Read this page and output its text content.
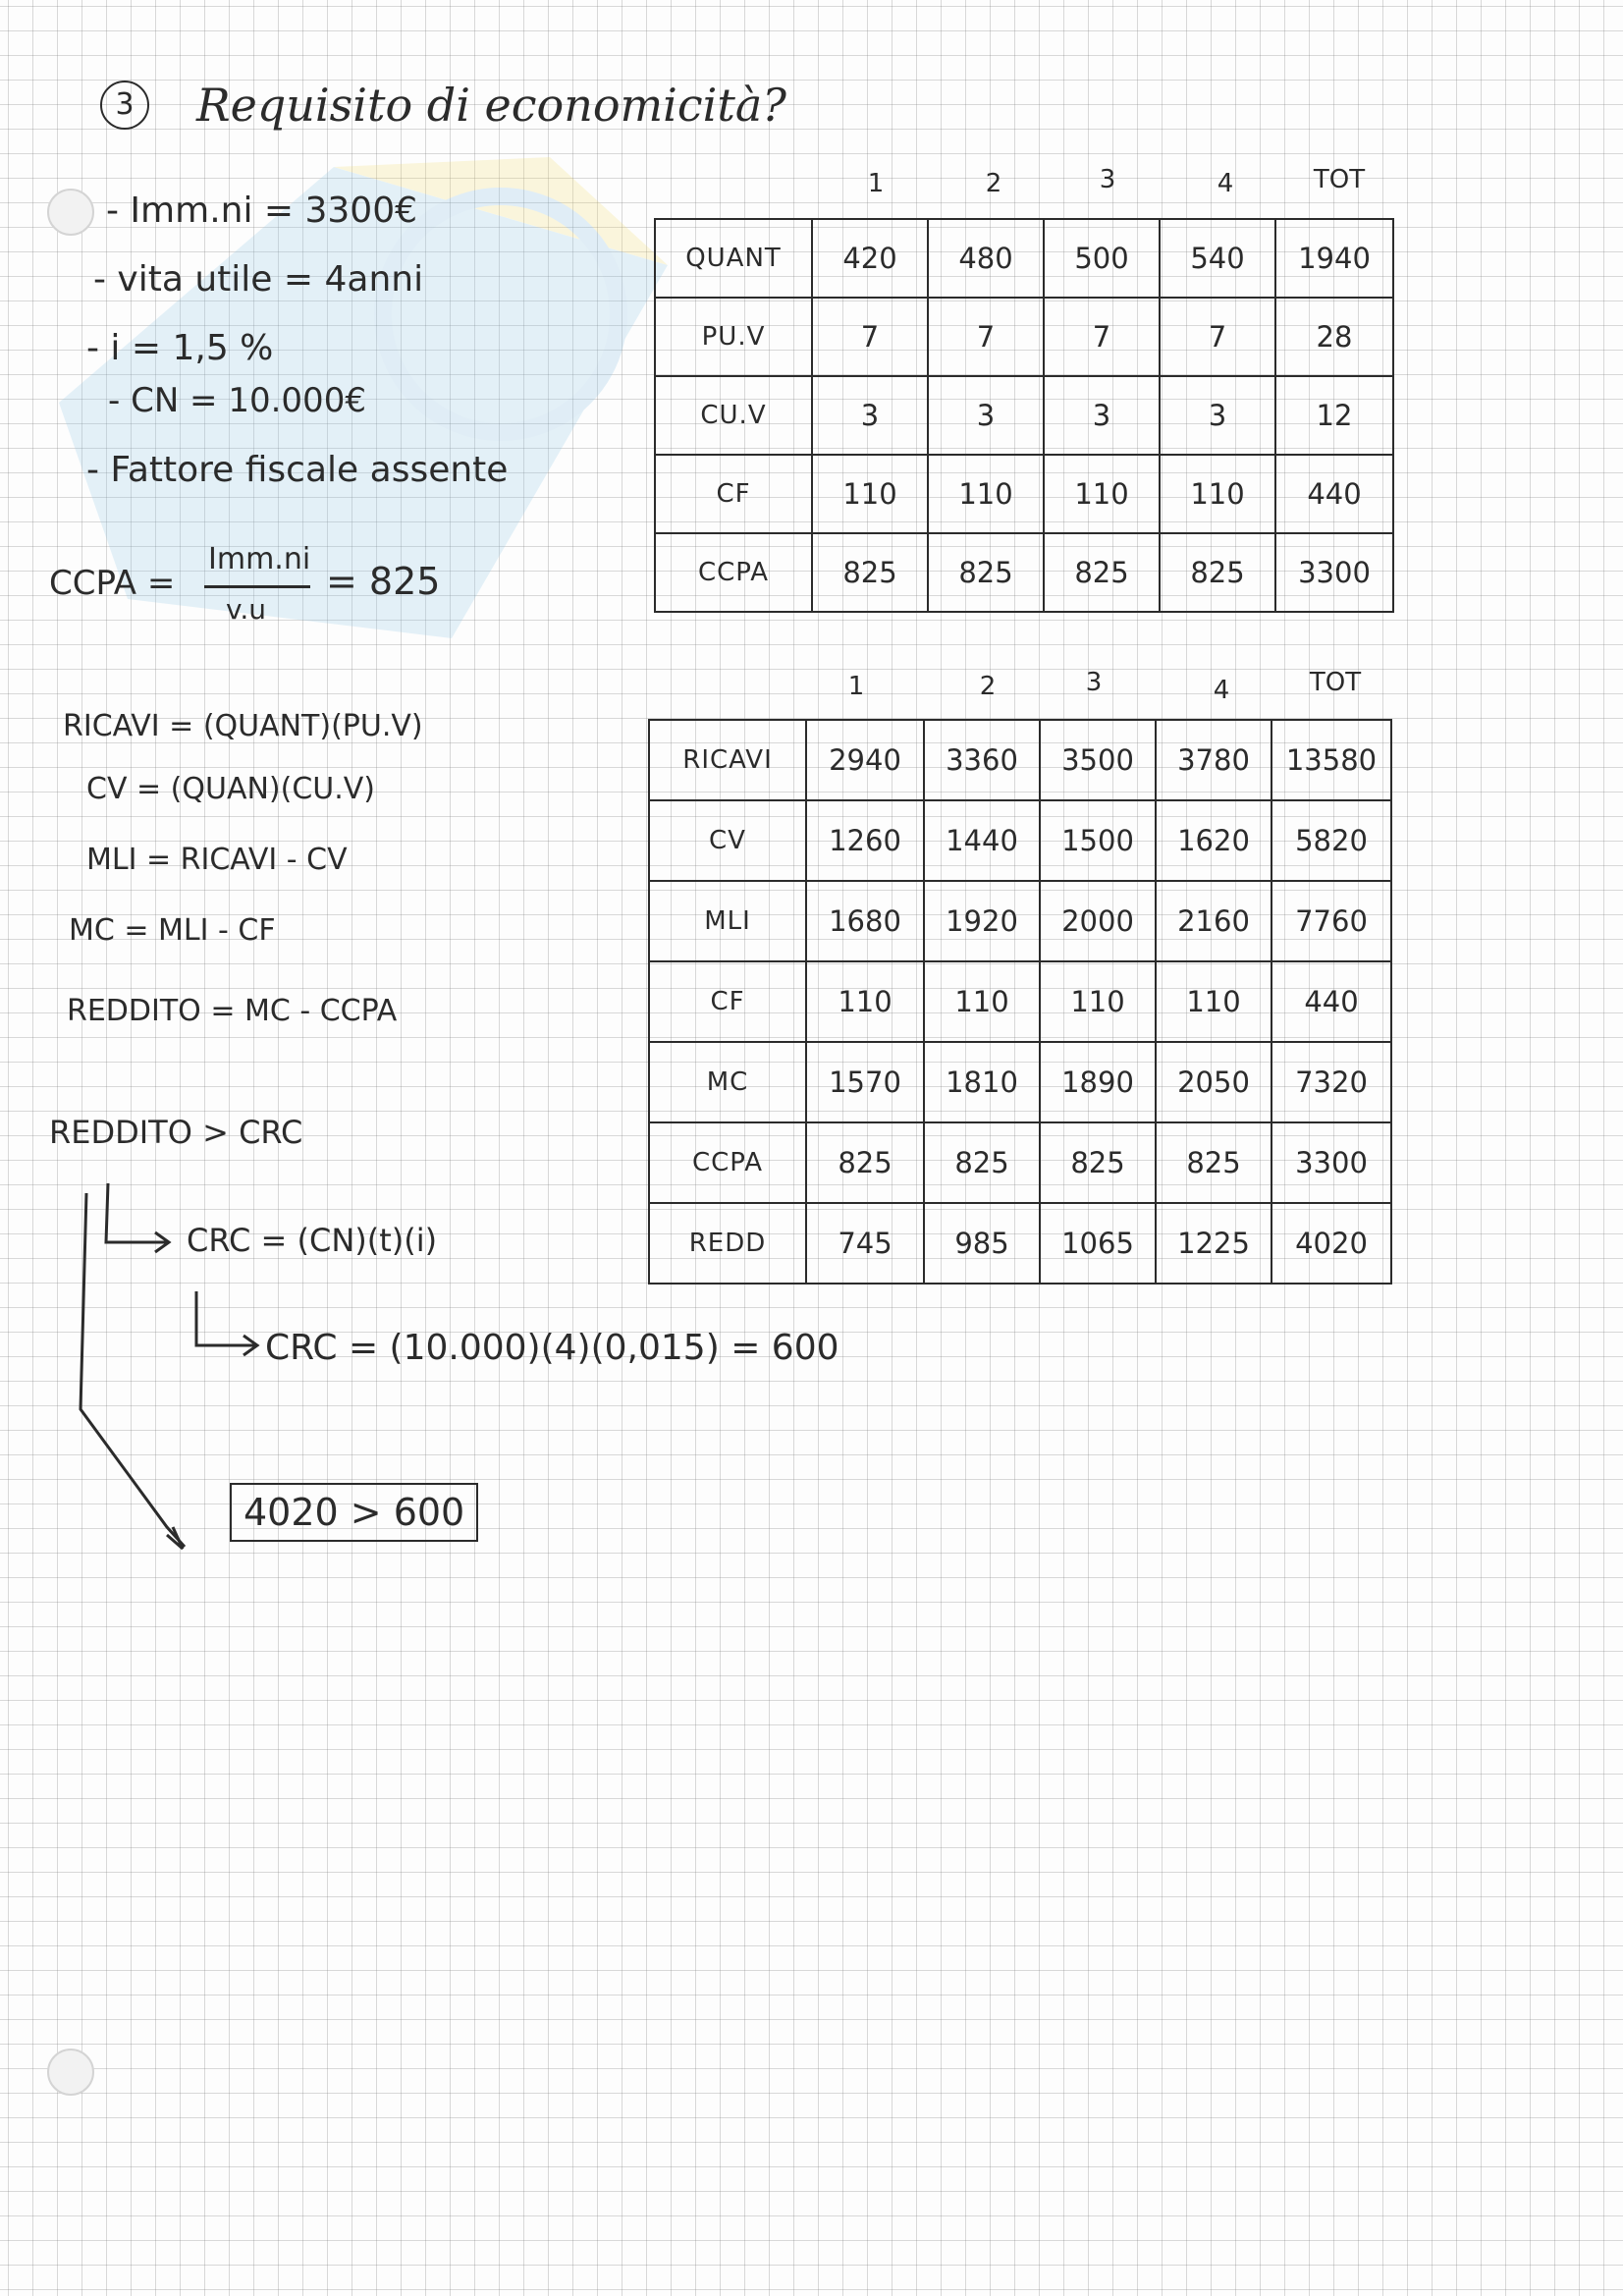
3	Requisito di economicità?
- Imm.ni = 3300€
- vita utile = 4anni
- i = 1,5 %
- CN = 10.000€
- Fattore fiscale assente
CCPA =
Imm.ni
v.u
= 825
RICAVI = (QUANT)(PU.V)
CV = (QUAN)(CU.V)
MLI = RICAVI - CV
MC = MLI - CF
REDDITO = MC - CCPA
REDDITO > CRC
CRC = (CN)(t)(i)
CRC = (10.000)(4)(0,015) = 600
4020 > 600
1	2	3	4	TOT
QUANT	420	480	500	540	1940
PU.V	7	7	7	7	28
CU.V	3	3	3	3	12
CF	110	110	110	110	440
CCPA	825	825	825	825	3300
1	2	3	4	TOT
RICAVI	2940	3360	3500	3780	13580
CV	1260	1440	1500	1620	5820
MLI	1680	1920	2000	2160	7760
CF	110	110	110	110	440
MC	1570	1810	1890	2050	7320
CCPA	825	825	825	825	3300
REDD	745	985	1065	1225	4020
